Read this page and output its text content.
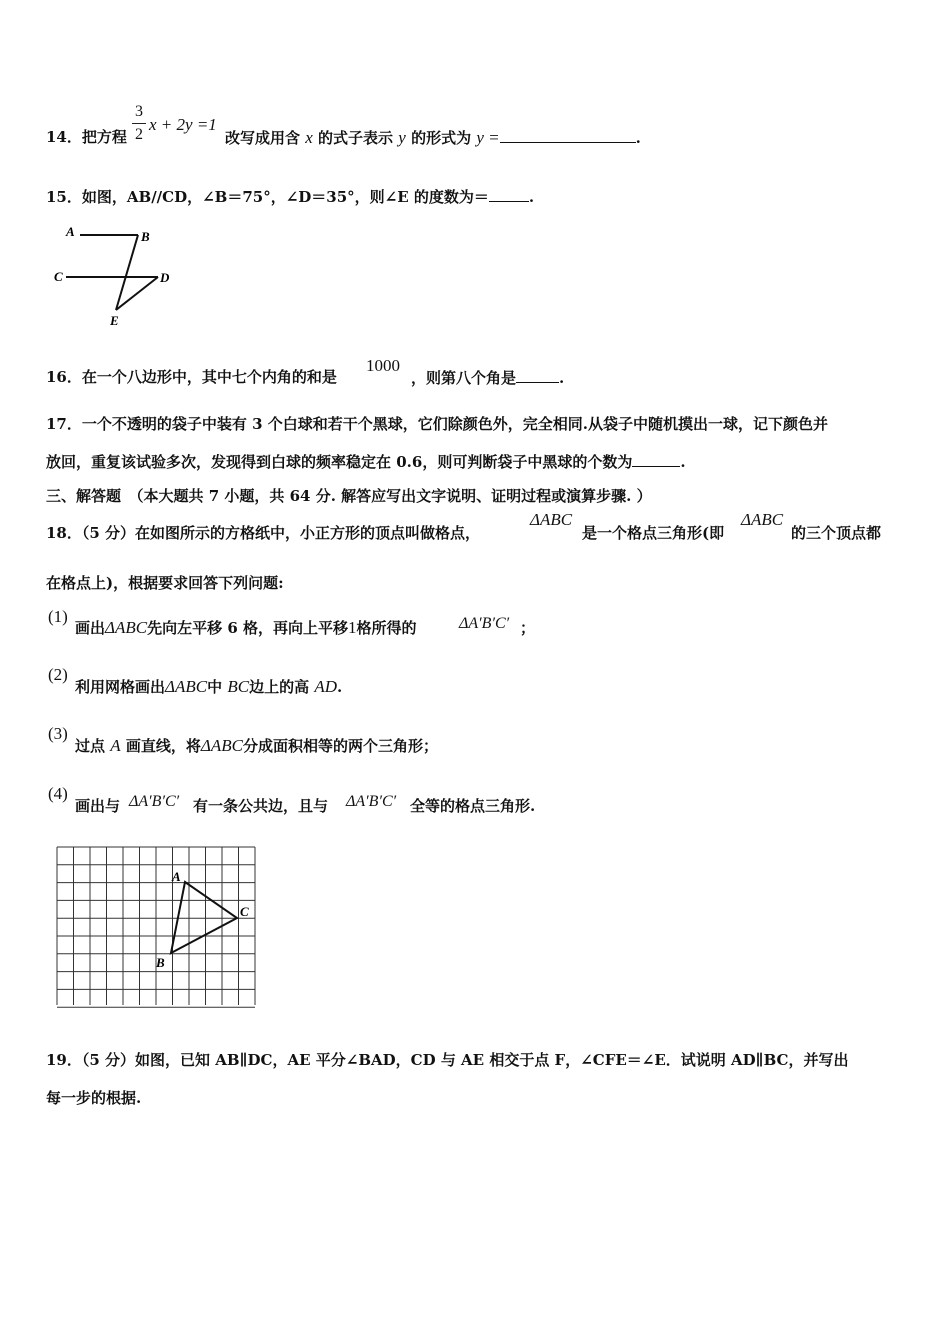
14．把方程
3
2
x + 2y =1
改写成用含 x 的式子表示 y 的形式为 y =	.
15．如图，AB//CD，∠B＝75°，∠D＝35°，则∠E 的度数为＝	.
A	B
C	D
E
16．在一个八边形中，其中七个内角的和是
1000
，则第八个角是	.
17．一个不透明的袋子中装有 3 个白球和若干个黑球，它们除颜色外，完全相同.从袋子中随机摸出一球，记下颜色并
放回，重复该试验多次，发现得到白球的频率稳定在 0.6，则可判断袋子中黑球的个数为	.
三、解答题　（本大题共 7 小题，共 64 分. 解答应写出文字说明、证明过程或演算步骤. ）
18．（5 分）在如图所示的方格纸中，小正方形的顶点叫做格点，
ΔABC
是一个格点三角形(即
ΔABC
的三个顶点都
在格点上)，根据要求回答下列问题:
(1)
画出ΔABC先向左平移 6 格，再向上平移1格所得的	ΔA′B′C′ ；
(2)
利用网格画出ΔABC中 BC边上的高 AD.
(3)
过点 A 画直线，将ΔABC分成面积相等的两个三角形；
(4)
画出与 ΔA′B′C′ 有一条公共边，且与 ΔA′B′C′ 全等的格点三角形.
A
B
C
19．（5 分）如图，已知 AB∥DC，AE 平分∠BAD，CD 与 AE 相交于点 F，∠CFE＝∠E．试说明 AD∥BC，并写出
每一步的根据.
